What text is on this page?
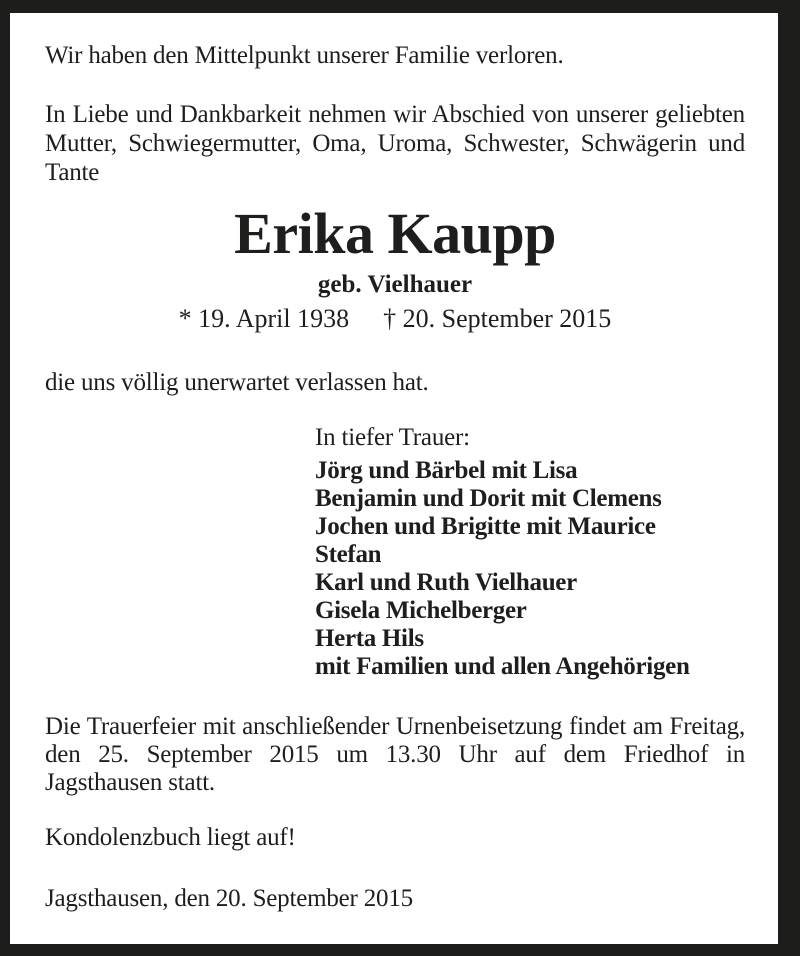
Wir haben den Mittelpunkt unserer Familie verloren.

In Liebe und Dankbarkeit nehmen wir Abschied von unserer geliebten Mutter, Schwiegermutter, Oma, Uroma, Schwester, Schwägerin und Tante

Erika Kaupp
geb. Vielhauer
* 19. April 1938 † 20. September 2015

die uns völlig unerwartet verlassen hat.

In tiefer Trauer:
Jörg und Bärbel mit Lisa
Benjamin und Dorit mit Clemens
Jochen und Brigitte mit Maurice
Stefan
Karl und Ruth Vielhauer
Gisela Michelberger
Herta Hils
mit Familien und allen Angehörigen

Die Trauerfeier mit anschließender Urnenbeisetzung findet am Freitag, den 25. September 2015 um 13.30 Uhr auf dem Friedhof in Jagsthausen statt.

Kondolenzbuch liegt auf!

Jagsthausen, den 20. September 2015
